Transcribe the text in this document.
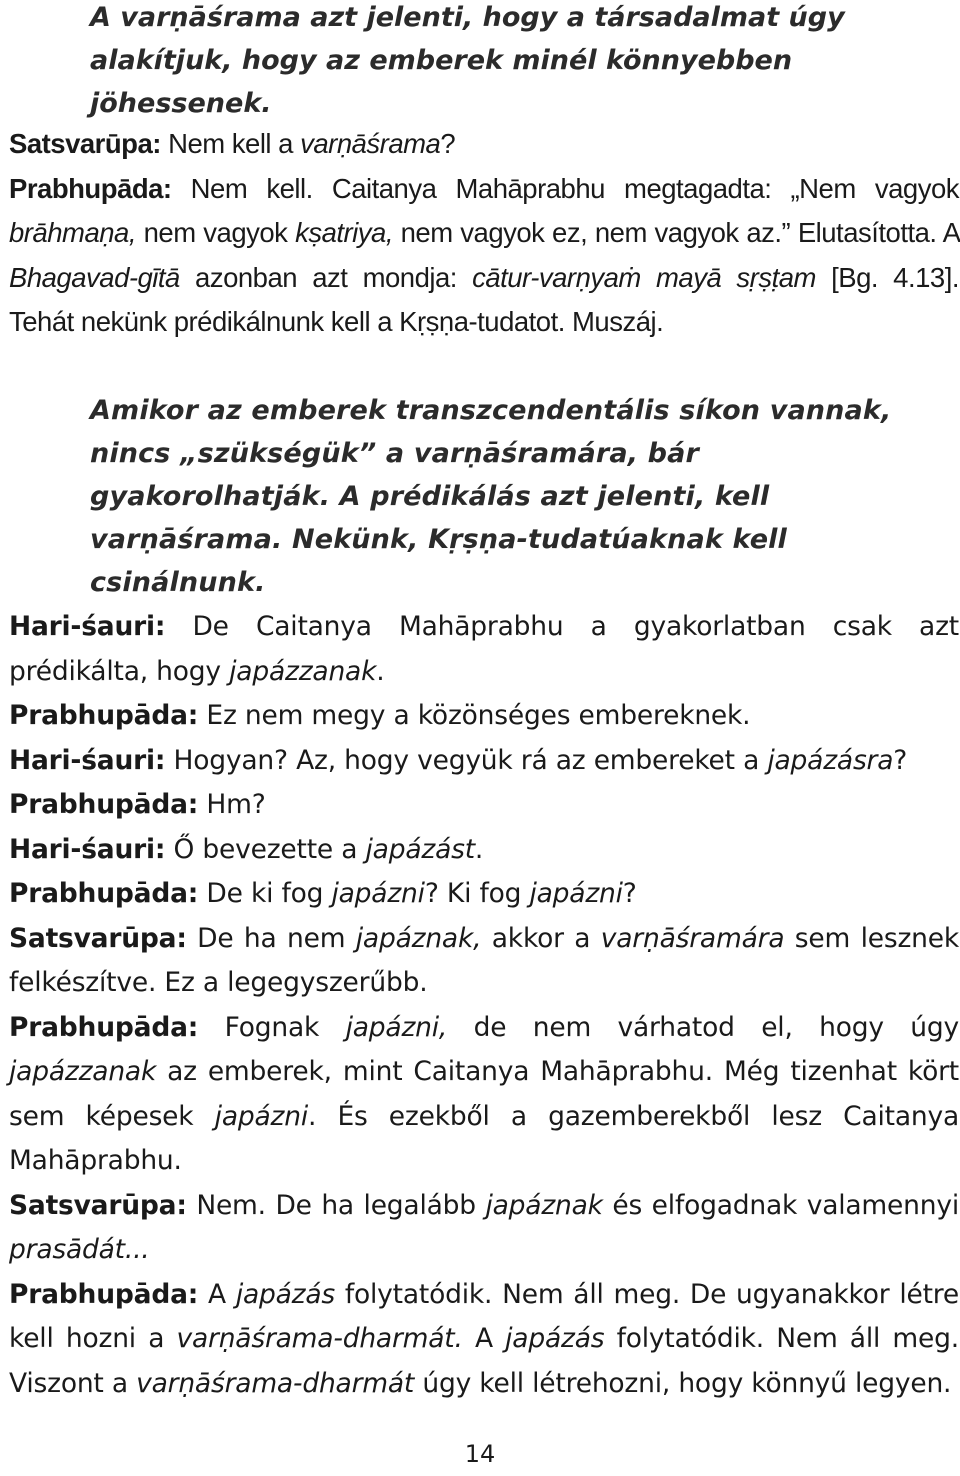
A varṇāśrama azt jelenti, hogy a társadalmat úgy alakítjuk, hogy az emberek minél könnyebben jöhessenek.
Satsvarūpa: Nem kell a varṇāśrama?
Prabhupāda: Nem kell. Caitanya Mahāprabhu megtagadta: „Nem vagyok brāhmaṇa, nem vagyok kṣatriya, nem vagyok ez, nem vagyok az.” Elutasította. A Bhagavad-gītā azonban azt mondja: cātur-varṇyaṁ mayā sṛṣṭam [Bg. 4.13]. Tehát nekünk prédikálnunk kell a Kṛṣṇa-tudatot. Muszáj.
Amikor az emberek transzcendentális síkon vannak, nincs „szükségük” a varṇāśramára, bár gyakorolhatják. A prédikálás azt jelenti, kell varṇāśrama. Nekünk, Kṛṣṇa-tudatúaknak kell csinálnunk.
Hari-śauri: De Caitanya Mahāprabhu a gyakorlatban csak azt prédikálta, hogy japázzanak.
Prabhupāda: Ez nem megy a közönséges embereknek.
Hari-śauri: Hogyan? Az, hogy vegyük rá az embereket a japázásra?
Prabhupāda: Hm?
Hari-śauri: Ő bevezette a japázást.
Prabhupāda: De ki fog japázni? Ki fog japázni?
Satsvarūpa: De ha nem japáznak, akkor a varṇāśramára sem lesznek felkészítve. Ez a legegyszerűbb.
Prabhupāda: Fognak japázni, de nem várhatod el, hogy úgy japázzanak az emberek, mint Caitanya Mahāprabhu. Még tizenhat kört sem képesek japázni. És ezekből a gazemberekből lesz Caitanya Mahāprabhu.
Satsvarūpa: Nem. De ha legalább japáznak és elfogadnak valamennyi prasādát...
Prabhupāda: A japázás folytatódik. Nem áll meg. De ugyanakkor létre kell hozni a varṇāśrama-dharmát. A japázás folytatódik. Nem áll meg. Viszont a varṇāśrama-dharmát úgy kell létrehozni, hogy könnyű legyen.
14
